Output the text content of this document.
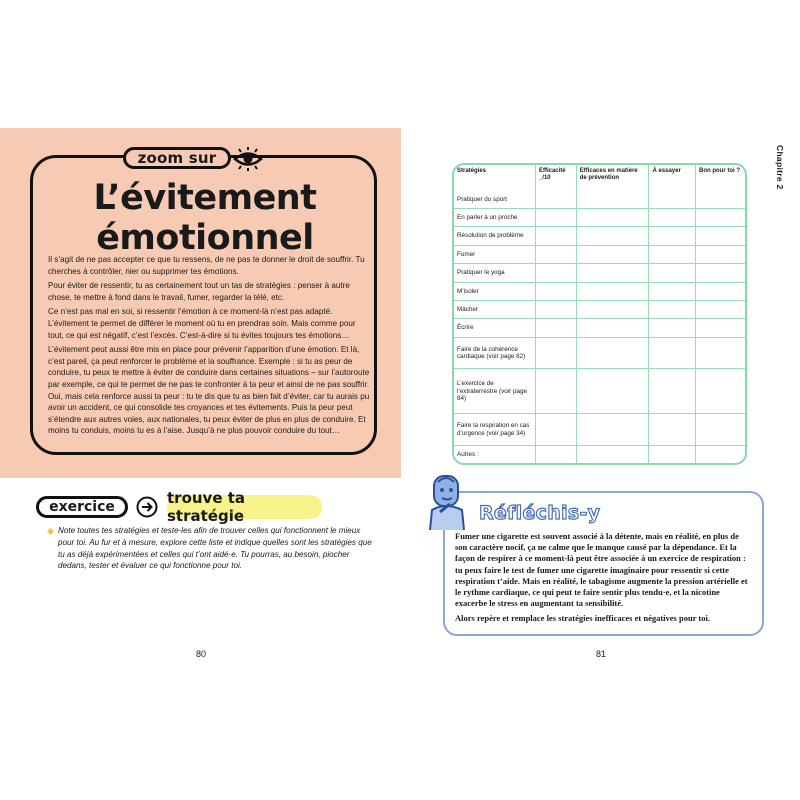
zoom sur
L’évitement
émotionnel

Il s’agit de ne pas accepter ce que tu ressens, de ne pas te donner le droit de souffrir. Tu cherches à contrôler, nier ou supprimer tes émotions.

Pour éviter de ressentir, tu as certainement tout un tas de stratégies : penser à autre chose, te mettre à fond dans le travail, fumer, regarder la télé, etc.

Ce n’est pas mal en soi, si ressentir l’émotion à ce moment-là n’est pas adapté. L’évitement te permet de différer le moment où tu en prendras soin. Mais comme pour tout, ce qui est négatif, c’est l’excès. C’est-à-dire si tu évites toujours tes émotions…

L’évitement peut aussi être mis en place pour prévenir l’apparition d’une émotion. Et là, c’est pareil, ça peut renforcer le problème et la souffrance. Exemple : si tu as peur de conduire, tu peux te mettre à éviter de conduire dans certaines situations – sur l’autoroute par exemple, ce qui te permet de ne pas te confronter à ta peur et ainsi de ne pas souffrir. Oui, mais cela renforce aussi ta peur : tu te dis que tu as bien fait d’éviter, car tu aurais pu avoir un accident, ce qui consolide tes croyances et tes évitements. Puis la peur peut s’étendre aux autres voies, aux nationales, tu peux éviter de plus en plus de conduire. Et moins tu conduis, moins tu es à l’aise. Jusqu’à ne plus pouvoir conduire du tout…

exercice	trouve ta stratégie
Note toutes tes stratégies et teste-les afin de trouver celles qui fonctionnent le mieux pour toi. Au fur et à mesure, explore cette liste et indique quelles sont les stratégies que tu as déjà expérimentées et celles qui t’ont aidé·e. Tu pourras, au besoin, piocher dedans, tester et évaluer ce qui fonctionne pour toi.
80
Chapitre 2
Stratégies	Efficacité _/10	Efficaces en matière de prévention	À essayer	Bon pour toi ?
Pratiquer du sport				
En parler à un proche				
Résolution de problème				
Fumer				
Pratiquer le yoga				
M’isoler				
Mâcher				
Écrire				
Faire de la cohérence cardiaque (voir page 82)				
L’exercice de l’extraterrestre (voir page 84)				
Faire la respiration en cas d’urgence (voir page 34)				
Autres :				
Réfléchis-y

Fumer une cigarette est souvent associé à la détente, mais en réalité, en plus de son caractère nocif, ça ne calme que le manque causé par la dépendance. Et la façon de respirer à ce moment-là peut être associée à un exercice de respiration : tu peux faire le test de fumer une cigarette imaginaire pour ressentir si cette respiration t’aide. Mais en réalité, le tabagisme augmente la pression artérielle et le rythme cardiaque, ce qui peut te faire sentir plus tendu·e, et la nicotine exacerbe le stress en augmentant ta sensibilité.

Alors repère et remplace les stratégies inefficaces et négatives pour toi.

81
